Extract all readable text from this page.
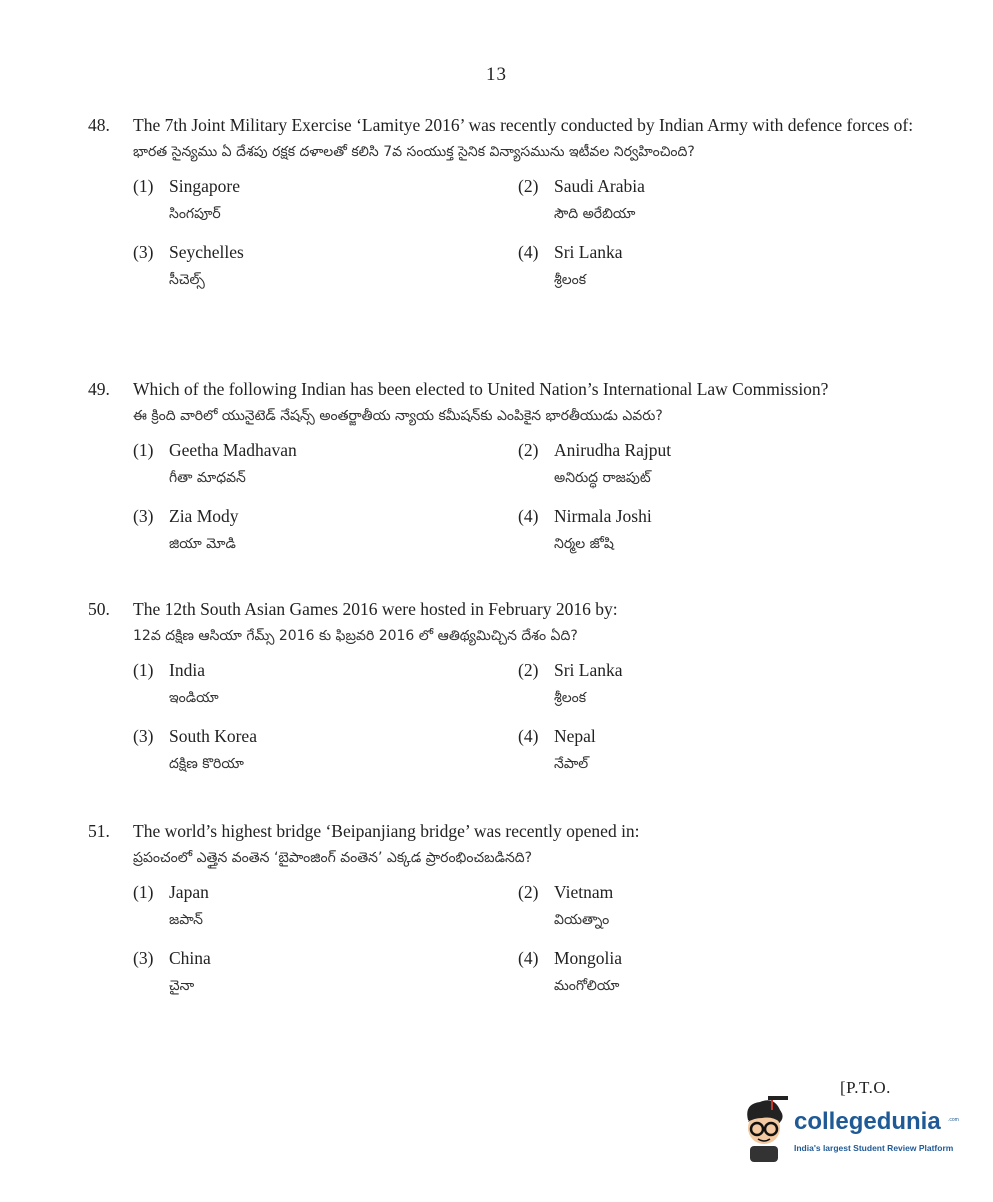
13
48.	The 7th Joint Military Exercise ‘Lamitye 2016’ was recently conducted by Indian Army with defence forces of:
భారత సైన్యము ఏ దేశపు రక్షక దళాలతో కలిసి 7వ సంయుక్త సైనిక విన్యాసమును ఇటీవల నిర్వహించింది?
(1) Singapore
సింగపూర్
(2) Saudi Arabia
సౌది అరేబియా
(3) Seychelles
సీచెల్స్
(4) Sri Lanka
శ్రీలంక
49.	Which of the following Indian has been elected to United Nation’s International Law Commission?
ఈ క్రింది వారిలో యునైటెడ్ నేషన్స్ అంతర్జాతీయ న్యాయ కమీషన్‌కు ఎంపికైన భారతీయుడు ఎవరు?
(1) Geetha Madhavan
గీతా మాధవన్
(2) Anirudha Rajput
అనిరుద్ధ రాజపుట్
(3) Zia Mody
జియా మోడి
(4) Nirmala Joshi
నిర్మల జోషి
50.	The 12th South Asian Games 2016 were hosted in February 2016 by:
12వ దక్షిణ ఆసియా గేమ్స్ 2016 కు ఫిబ్రవరి 2016 లో ఆతిథ్యమిచ్చిన దేశం ఏది?
(1) India
ఇండియా
(2) Sri Lanka
శ్రీలంక
(3) South Korea
దక్షిణ కొరియా
(4) Nepal
నేపాల్
51.	The world’s highest bridge ‘Beipanjiang bridge’ was recently opened in:
ప్రపంచంలో ఎత్తైన వంతెన ‘బైపాంజింగ్ వంతెన’ ఎక్కడ ప్రారంభించబడినది?
(1) Japan
జపాన్
(2) Vietnam
వియత్నాం
(3) China
చైనా
(4) Mongolia
మంగోలియా
[P.T.O.
collegedunia .com
India's largest Student Review Platform
